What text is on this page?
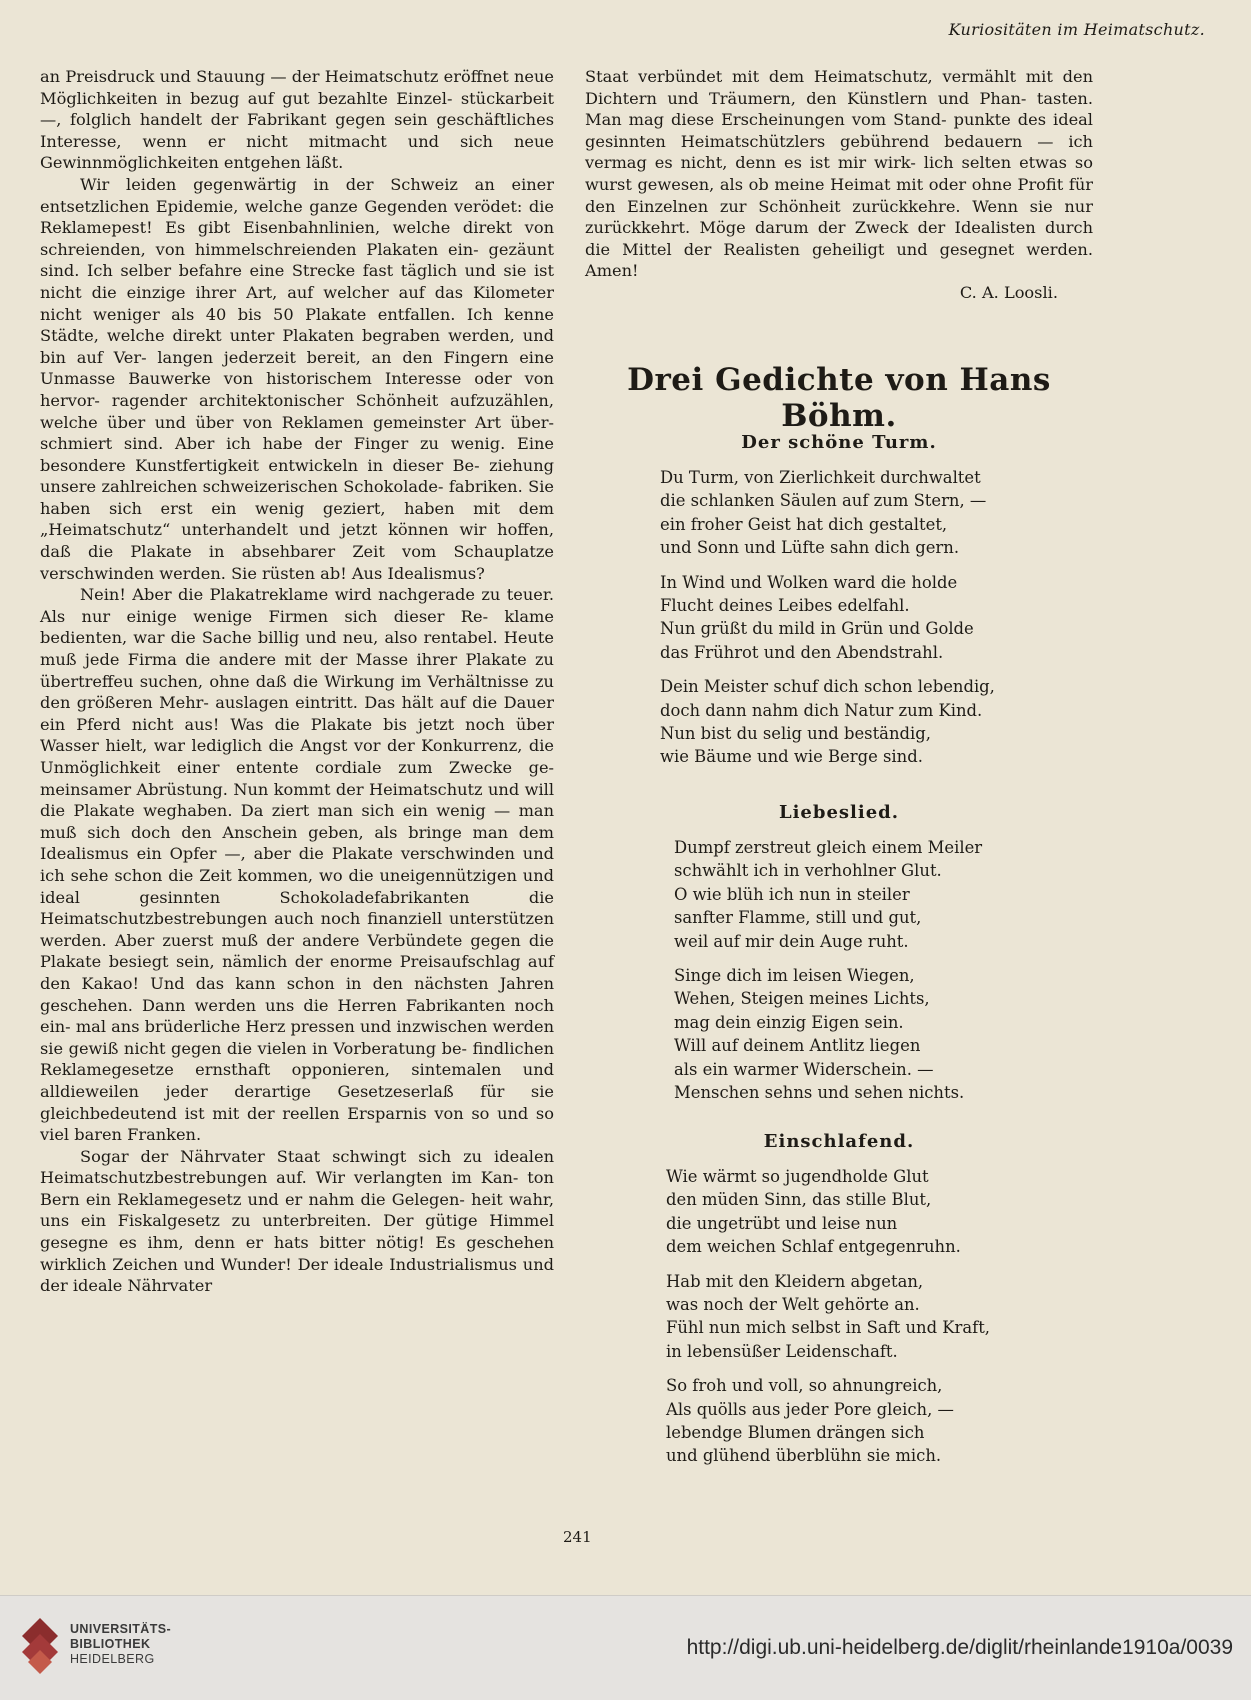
Kuriositäten im Heimatschutz.

an Preisdruck und Stauung — der Heimatschutz eröffnet neue Möglichkeiten in bezug auf gut bezahlte Einzel- stückarbeit —, folglich handelt der Fabrikant gegen sein geschäftliches Interesse, wenn er nicht mitmacht und sich neue Gewinnmöglichkeiten entgehen läßt.

Wir leiden gegenwärtig in der Schweiz an einer entsetzlichen Epidemie, welche ganze Gegenden verödet: die Reklamepest! Es gibt Eisenbahnlinien, welche direkt von schreienden, von himmelschreienden Plakaten ein- gezäunt sind. Ich selber befahre eine Strecke fast täglich und sie ist nicht die einzige ihrer Art, auf welcher auf das Kilometer nicht weniger als 40 bis 50 Plakate entfallen. Ich kenne Städte, welche direkt unter Plakaten begraben werden, und bin auf Ver- langen jederzeit bereit, an den Fingern eine Unmasse Bauwerke von historischem Interesse oder von hervor- ragender architektonischer Schönheit aufzuzählen, welche über und über von Reklamen gemeinster Art über- schmiert sind. Aber ich habe der Finger zu wenig. Eine besondere Kunstfertigkeit entwickeln in dieser Be- ziehung unsere zahlreichen schweizerischen Schokolade- fabriken. Sie haben sich erst ein wenig geziert, haben mit dem „Heimatschutz“ unterhandelt und jetzt können wir hoffen, daß die Plakate in absehbarer Zeit vom Schauplatze verschwinden werden. Sie rüsten ab! Aus Idealismus?

Nein! Aber die Plakatreklame wird nachgerade zu teuer. Als nur einige wenige Firmen sich dieser Re- klame bedienten, war die Sache billig und neu, also rentabel. Heute muß jede Firma die andere mit der Masse ihrer Plakate zu übertreffeu suchen, ohne daß die Wirkung im Verhältnisse zu den größeren Mehr- auslagen eintritt. Das hält auf die Dauer ein Pferd nicht aus! Was die Plakate bis jetzt noch über Wasser hielt, war lediglich die Angst vor der Konkurrenz, die Unmöglichkeit einer entente cordiale zum Zwecke ge- meinsamer Abrüstung. Nun kommt der Heimatschutz und will die Plakate weghaben. Da ziert man sich ein wenig — man muß sich doch den Anschein geben, als bringe man dem Idealismus ein Opfer —, aber die Plakate verschwinden und ich sehe schon die Zeit kommen, wo die uneigennützigen und ideal gesinnten	Schokoladefabrikanten die Heimatschutzbestrebungen auch noch finanziell unterstützen werden. Aber zuerst muß der andere Verbündete gegen die Plakate besiegt sein, nämlich der enorme Preisaufschlag auf den Kakao! Und das kann schon in den nächsten Jahren geschehen. Dann werden uns die Herren Fabrikanten noch ein- mal ans brüderliche Herz pressen und inzwischen werden sie gewiß nicht gegen die vielen in Vorberatung be- findlichen Reklamegesetze ernsthaft opponieren, sintemalen und alldieweilen jeder derartige Gesetzeserlaß für sie gleichbedeutend ist mit der reellen Ersparnis von so und so viel baren Franken.

Sogar der Nährvater Staat schwingt sich zu idealen Heimatschutzbestrebungen auf. Wir verlangten im Kan- ton Bern ein Reklamegesetz und er nahm die Gelegen- heit wahr, uns ein Fiskalgesetz zu unterbreiten. Der gütige Himmel gesegne es ihm, denn er hats bitter nötig! Es geschehen wirklich Zeichen und Wunder! Der ideale Industrialismus und der ideale Nährvater

Staat verbündet mit dem Heimatschutz, vermählt mit den Dichtern und Träumern, den Künstlern und Phan- tasten. Man mag diese Erscheinungen vom Stand- punkte des ideal gesinnten Heimatschützlers gebührend bedauern — ich vermag es nicht, denn es ist mir wirk- lich selten etwas so wurst gewesen, als ob meine Heimat mit oder ohne Profit für den Einzelnen zur Schönheit zurückkehre. Wenn sie nur zurückkehrt. Möge darum der Zweck der Idealisten durch die Mittel der Realisten geheiligt und gesegnet werden. Amen!

C. A. Loosli.

Drei Gedichte von Hans Böhm.
Der schöne Turm.
Du Turm, von Zierlichkeit durchwaltet
die schlanken Säulen auf zum Stern, —
ein froher Geist hat dich gestaltet,
und Sonn und Lüfte sahn dich gern.
In Wind und Wolken ward die holde
Flucht deines Leibes edelfahl.
Nun grüßt du mild in Grün und Golde
das Frührot und den Abendstrahl.
Dein Meister schuf dich schon lebendig,
doch dann nahm dich Natur zum Kind.
Nun bist du selig und beständig,
wie Bäume und wie Berge sind.
Liebeslied.
Dumpf zerstreut gleich einem Meiler
schwählt ich in verhohlner Glut.
O wie blüh ich nun in steiler
sanfter Flamme, still und gut,
weil auf mir dein Auge ruht.
Singe dich im leisen Wiegen,
Wehen, Steigen meines Lichts,
mag dein einzig Eigen sein.
Will auf deinem Antlitz liegen
als ein warmer Widerschein. —
Menschen sehns und sehen nichts.
Einschlafend.
Wie wärmt so jugendholde Glut
den müden Sinn, das stille Blut,
die ungetrübt und leise nun
dem weichen Schlaf entgegenruhn.
Hab mit den Kleidern abgetan,
was noch der Welt gehörte an.
Fühl nun mich selbst in Saft und Kraft,
in lebensüßer Leidenschaft.
So froh und voll, so ahnungreich,
Als quölls aus jeder Pore gleich, —
lebendge Blumen drängen sich
und glühend überblühn sie mich.
241
UNIVERSITÄTS-
BIBLIOTHEK
HEIDELBERG	http://digi.ub.uni-heidelberg.de/diglit/rheinlande1910a/0039
